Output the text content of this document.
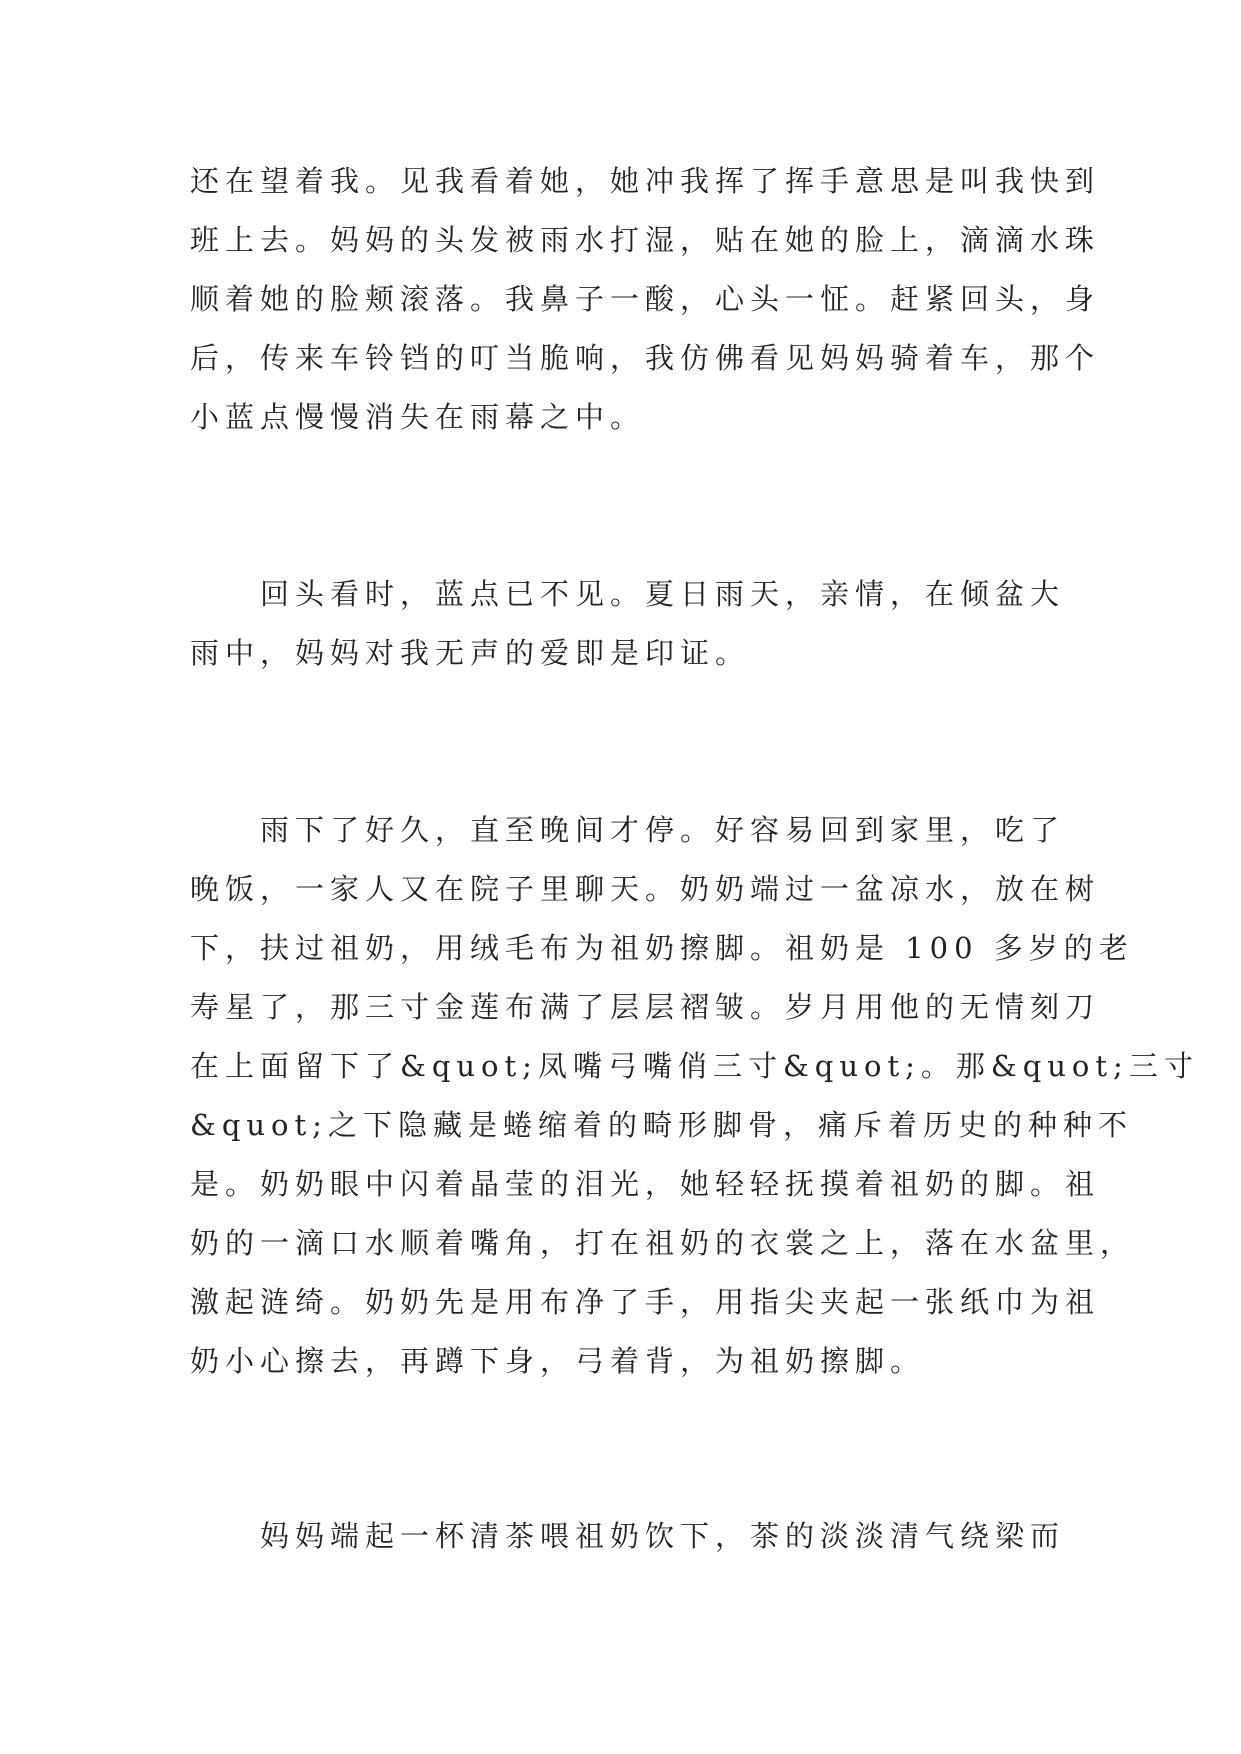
还在望着我。见我看着她，她冲我挥了挥手意思是叫我快到
班上去。妈妈的头发被雨水打湿，贴在她的脸上，滴滴水珠
顺着她的脸颊滚落。我鼻子一酸，心头一怔。赶紧回头，身
后，传来车铃铛的叮当脆响，我仿佛看见妈妈骑着车，那个
小蓝点慢慢消失在雨幕之中。
　　回头看时，蓝点已不见。夏日雨天，亲情，在倾盆大
雨中，妈妈对我无声的爱即是印证。
　　雨下了好久，直至晚间才停。好容易回到家里，吃了
晚饭，一家人又在院子里聊天。奶奶端过一盆凉水，放在树
下，扶过祖奶，用绒毛布为祖奶擦脚。祖奶是 100 多岁的老
寿星了，那三寸金莲布满了层层褶皱。岁月用他的无情刻刀
在上面留下了&quot;凤嘴弓嘴俏三寸&quot;。那&quot;三寸
&quot;之下隐藏是蜷缩着的畸形脚骨，痛斥着历史的种种不
是。奶奶眼中闪着晶莹的泪光，她轻轻抚摸着祖奶的脚。祖
奶的一滴口水顺着嘴角，打在祖奶的衣裳之上，落在水盆里，
激起涟绮。奶奶先是用布净了手，用指尖夹起一张纸巾为祖
奶小心擦去，再蹲下身，弓着背，为祖奶擦脚。
　　妈妈端起一杯清茶喂祖奶饮下，茶的淡淡清气绕梁而
